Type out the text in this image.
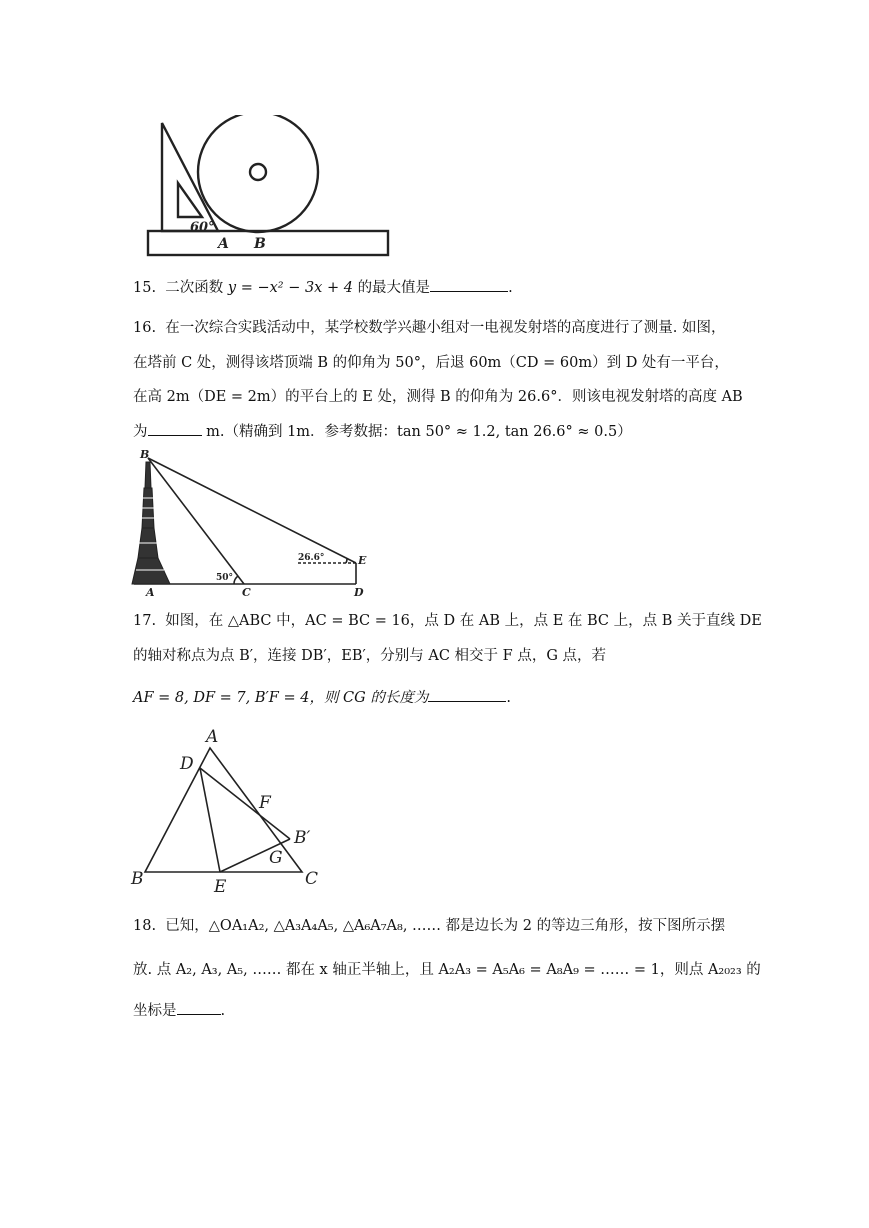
60°
A B
15. 二次函数 y = −x² − 3x + 4 的最大值是	.
16. 在一次综合实践活动中，某学校数学兴趣小组对一电视发射塔的高度进行了测量. 如图，
在塔前 C 处，测得该塔顶端 B 的仰角为 50°，后退 60m（CD = 60m）到 D 处有一平台，
在高 2m（DE = 2m）的平台上的 E 处，测得 B 的仰角为 26.6°．则该电视发射塔的高度 AB
为	m.（精确到 1m．参考数据：tan 50° ≈ 1.2, tan 26.6° ≈ 0.5）
B
A	C	D
E
50°
26.6°
17. 如图，在 △ABC 中，AC = BC = 16，点 D 在 AB 上，点 E 在 BC 上，点 B 关于直线 DE
的轴对称点为点 B′，连接 DB′，EB′，分别与 AC 相交于 F 点，G 点，若
AF = 8, DF = 7, B′F = 4，则 CG 的长度为	.
A
D
F
B′
G
B	E	C
18. 已知，△OA₁A₂, △A₃A₄A₅, △A₆A₇A₈, …… 都是边长为 2 的等边三角形，按下图所示摆
放. 点 A₂, A₃, A₅, …… 都在 x 轴正半轴上，且 A₂A₃ = A₅A₆ = A₈A₉ = …… = 1，则点 A₂₀₂₃ 的
坐标是	.
